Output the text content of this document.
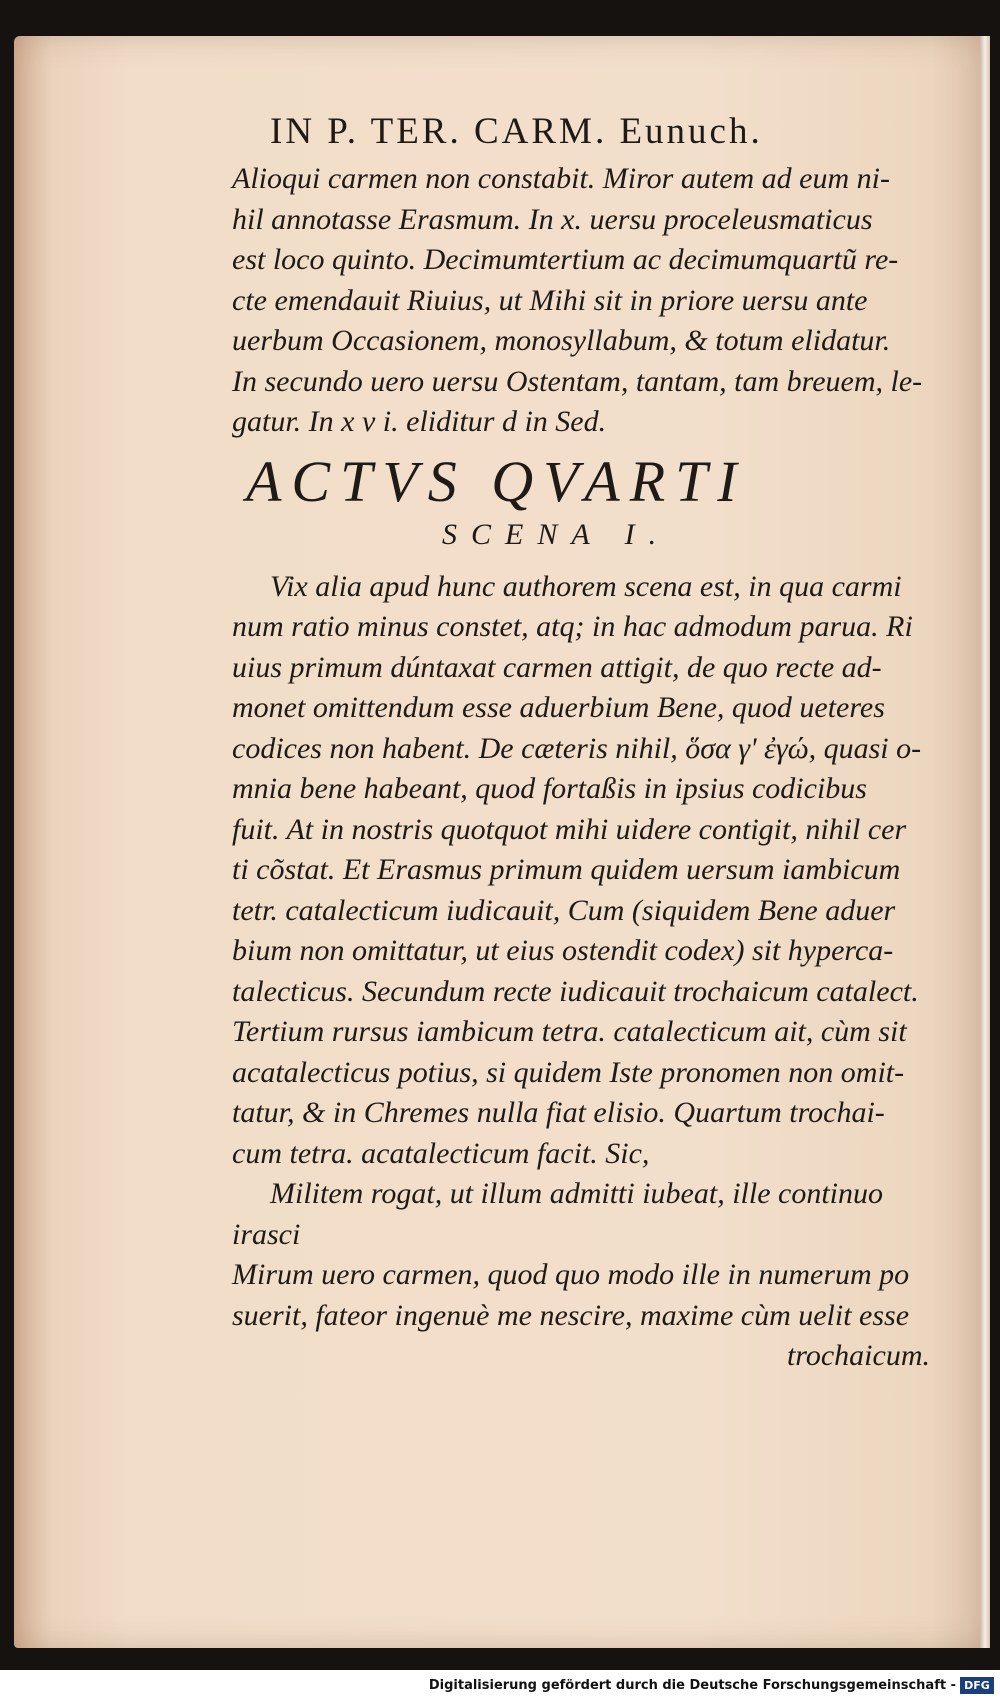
IN P. TER. CARM. Eunuch.

Alioqui carmen non constabit. Miror autem ad eum ni-

hil annotasse Erasmum. In x. uersu proceleusmaticus

est loco quinto. Decimumtertium ac decimumquartũ re-

cte emendauit Riuius, ut Mihi sit in priore uersu ante

uerbum Occasionem, monosyllabum, & totum elidatur.

In secundo uero uersu Ostentam, tantam, tam breuem, le-

gatur. In x v i. eliditur d in Sed.

ACTVS QVARTI
SCENA I.

Vix alia apud hunc authorem scena est, in qua carmi

num ratio minus constet, atq; in hac admodum parua. Ri

uius primum dúntaxat carmen attigit, de quo recte ad-

monet omittendum esse aduerbium Bene, quod ueteres

codices non habent. De cæteris nihil, ὅσα γ' ἐγώ, quasi o-

mnia bene habeant, quod fortaßis in ipsius codicibus

fuit. At in nostris quotquot mihi uidere contigit, nihil cer

ti cõstat. Et Erasmus primum quidem uersum iambicum

tetr. catalecticum iudicauit, Cum (siquidem Bene aduer

bium non omittatur, ut eius ostendit codex) sit hyperca-

talecticus. Secundum recte iudicauit trochaicum catalect.

Tertium rursus iambicum tetra. catalecticum ait, cùm sit

acatalecticus potius, si quidem Iste pronomen non omit-

tatur, & in Chremes nulla fiat elisio. Quartum trochai-

cum tetra. acatalecticum facit. Sic,

Militem rogat, ut illum admitti iubeat, ille continuo

irasci

Mirum uero carmen, quod quo modo ille in numerum po

suerit, fateor ingenuè me nescire, maxime cùm uelit esse

trochaicum.

Digitalisierung gefördert durch die Deutsche Forschungsgemeinschaft - DFG
